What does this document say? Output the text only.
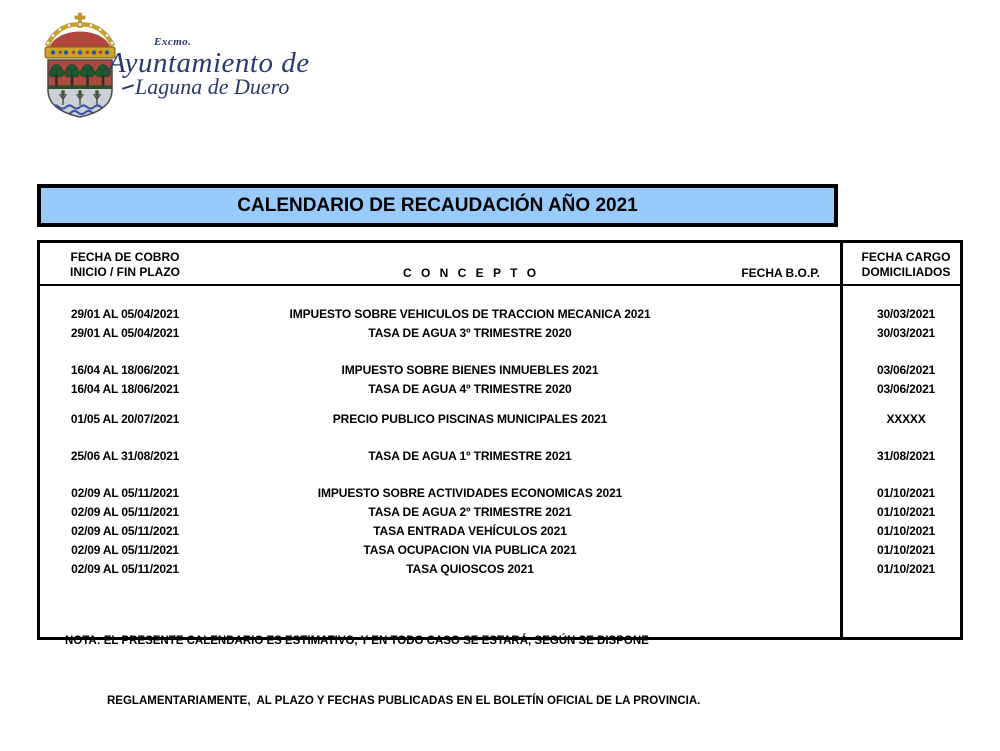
Excmo.
Ayuntamiento de
Laguna de Duero
CALENDARIO DE RECAUDACIÓN AÑO 2021
FECHA DE COBRO
INICIO / FIN PLAZO	C O N C E P T O	FECHA B.O.P.
FECHA CARGO
DOMICILIADOS
29/01 AL 05/04/2021	IMPUESTO SOBRE VEHICULOS DE TRACCION MECANICA 2021	30/03/2021
29/01 AL 05/04/2021	TASA DE AGUA 3º TRIMESTRE 2020	30/03/2021
16/04 AL 18/06/2021	IMPUESTO SOBRE BIENES INMUEBLES 2021	03/06/2021
16/04 AL 18/06/2021	TASA DE AGUA 4º TRIMESTRE 2020	03/06/2021
01/05 AL 20/07/2021	PRECIO PUBLICO PISCINAS MUNICIPALES 2021	XXXXX
25/06 AL 31/08/2021	TASA DE AGUA 1º TRIMESTRE 2021	31/08/2021
02/09 AL 05/11/2021	IMPUESTO SOBRE ACTIVIDADES ECONOMICAS 2021	01/10/2021
02/09 AL 05/11/2021	TASA DE AGUA 2º TRIMESTRE 2021	01/10/2021
02/09 AL 05/11/2021	TASA ENTRADA VEHÍCULOS 2021	01/10/2021
02/09 AL 05/11/2021	TASA OCUPACION VIA PUBLICA 2021	01/10/2021
02/09 AL 05/11/2021	TASA QUIOSCOS 2021	01/10/2021

NOTA: EL PRESENTE CALENDARIO ES ESTIMATIVO, Y EN TODO CASO SE ESTARÁ, SEGÚN SE DISPONE

REGLAMENTARIAMENTE,  AL PLAZO Y FECHAS PUBLICADAS EN EL BOLETÍN OFICIAL DE LA PROVINCIA.
